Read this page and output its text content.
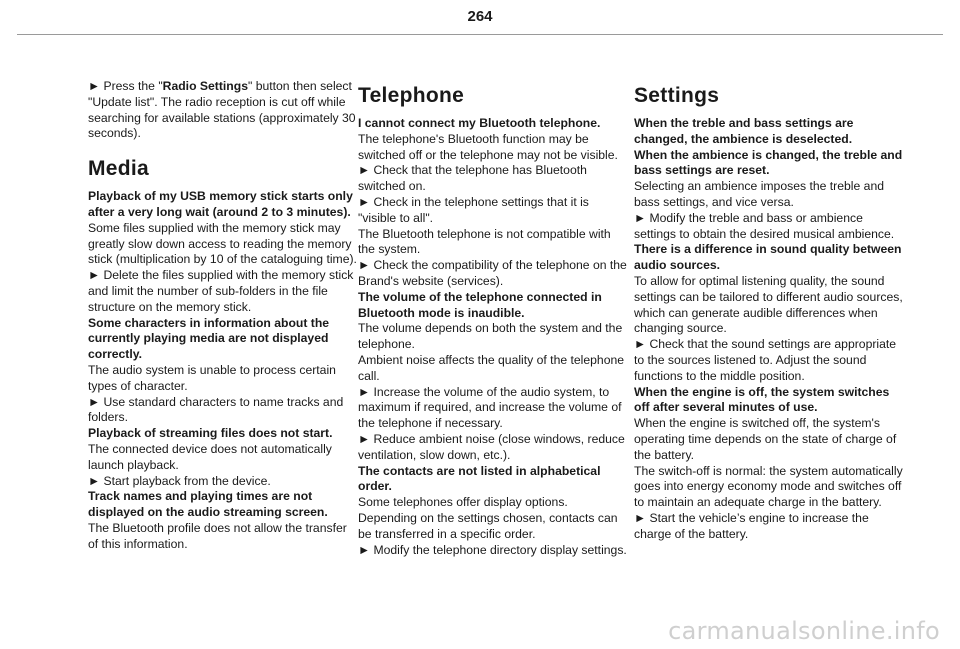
264

► Press the "Radio Settings" button then select "Update list". The radio reception is cut off while searching for available stations (approximately 30 seconds).

Media

Playback of my USB memory stick starts only after a very long wait (around 2 to 3 minutes).

Some files supplied with the memory stick may greatly slow down access to reading the memory stick (multiplication by 10 of the cataloguing time).

► Delete the files supplied with the memory stick and limit the number of sub-folders in the file structure on the memory stick.

Some characters in information about the currently playing media are not displayed correctly.

The audio system is unable to process certain types of character.

► Use standard characters to name tracks and folders.

Playback of streaming files does not start.

The connected device does not automatically launch playback.

► Start playback from the device.

Track names and playing times are not displayed on the audio streaming screen.

The Bluetooth profile does not allow the transfer of this information.

Telephone

I cannot connect my Bluetooth telephone.

The telephone's Bluetooth function may be switched off or the telephone may not be visible.

► Check that the telephone has Bluetooth switched on.

► Check in the telephone settings that it is "visible to all".

The Bluetooth telephone is not compatible with the system.

► Check the compatibility of the telephone on the Brand's website (services).

The volume of the telephone connected in Bluetooth mode is inaudible.

The volume depends on both the system and the telephone.

Ambient noise affects the quality of the telephone call.

► Increase the volume of the audio system, to maximum if required, and increase the volume of the telephone if necessary.

► Reduce ambient noise (close windows, reduce ventilation, slow down, etc.).

The contacts are not listed in alphabetical order.

Some telephones offer display options. Depending on the settings chosen, contacts can be transferred in a specific order.

► Modify the telephone directory display settings.

Settings

When the treble and bass settings are changed, the ambience is deselected.

When the ambience is changed, the treble and bass settings are reset.

Selecting an ambience imposes the treble and bass settings, and vice versa.

► Modify the treble and bass or ambience settings to obtain the desired musical ambience.

There is a difference in sound quality between audio sources.

To allow for optimal listening quality, the sound settings can be tailored to different audio sources, which can generate audible differences when changing source.

► Check that the sound settings are appropriate to the sources listened to. Adjust the sound functions to the middle position.

When the engine is off, the system switches off after several minutes of use.

When the engine is switched off, the system's operating time depends on the state of charge of the battery.

The switch-off is normal: the system automatically goes into energy economy mode and switches off to maintain an adequate charge in the battery.

► Start the vehicle’s engine to increase the charge of the battery.

carmanualsonline.info
